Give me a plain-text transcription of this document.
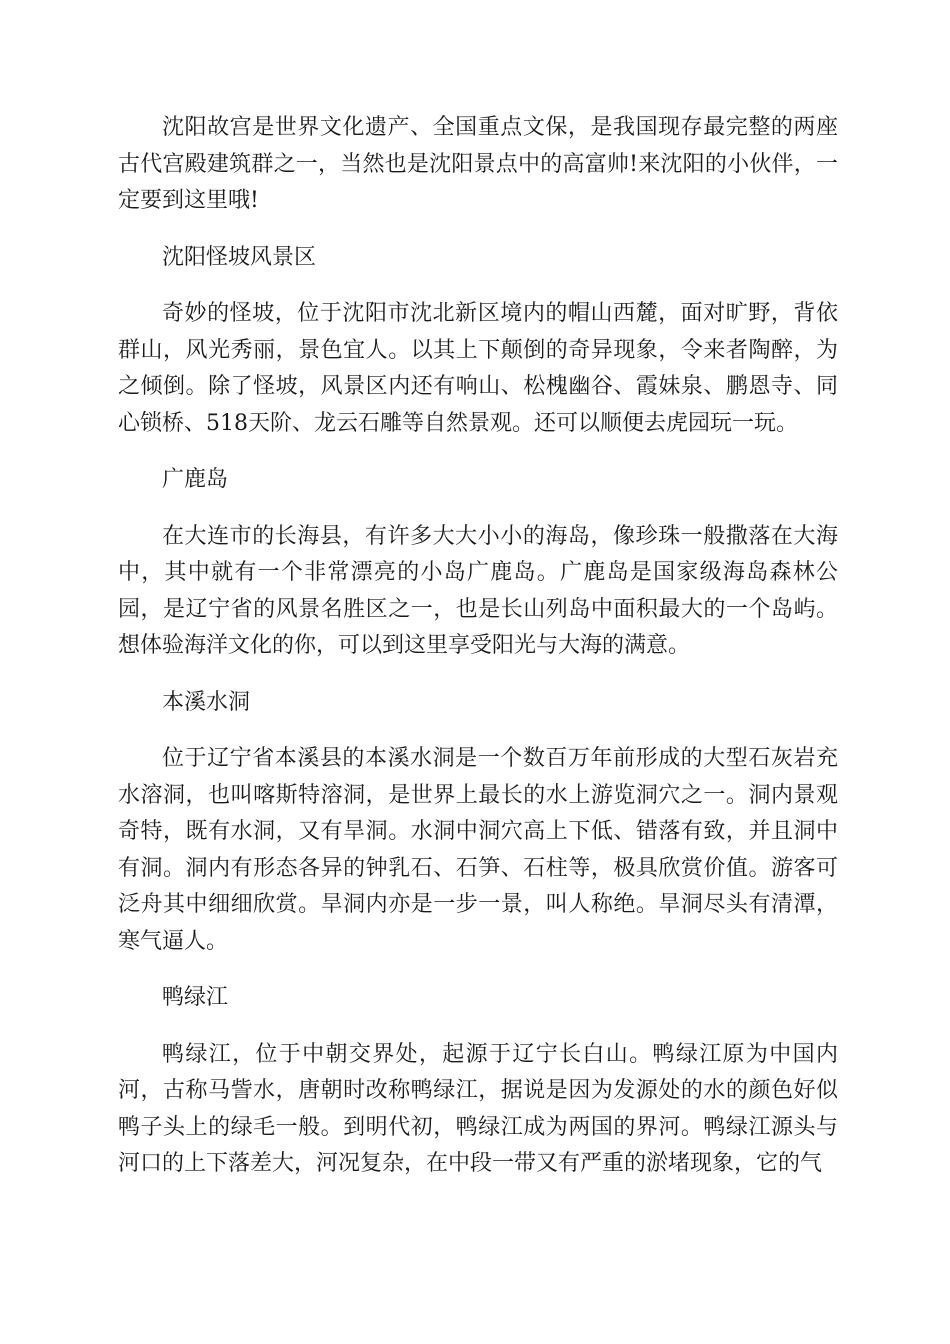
沈阳故宫是世界文化遗产、全国重点文保，是我国现存最完整的两座古代宫殿建筑群之一，当然也是沈阳景点中的高富帅!来沈阳的小伙伴，一定要到这里哦!

沈阳怪坡风景区

奇妙的怪坡，位于沈阳市沈北新区境内的帽山西麓，面对旷野，背依群山，风光秀丽，景色宜人。以其上下颠倒的奇异现象，令来者陶醉，为之倾倒。除了怪坡，风景区内还有响山、松槐幽谷、霞妹泉、鹏恩寺、同心锁桥、518天阶、龙云石雕等自然景观。还可以顺便去虎园玩一玩。

广鹿岛

在大连市的长海县，有许多大大小小的海岛，像珍珠一般撒落在大海中，其中就有一个非常漂亮的小岛广鹿岛。广鹿岛是国家级海岛森林公园，是辽宁省的风景名胜区之一，也是长山列岛中面积最大的一个岛屿。想体验海洋文化的你，可以到这里享受阳光与大海的满意。

本溪水洞

位于辽宁省本溪县的本溪水洞是一个数百万年前形成的大型石灰岩充水溶洞，也叫喀斯特溶洞，是世界上最长的水上游览洞穴之一。洞内景观奇特，既有水洞，又有旱洞。水洞中洞穴高上下低、错落有致，并且洞中有洞。洞内有形态各异的钟乳石、石笋、石柱等，极具欣赏价值。游客可泛舟其中细细欣赏。旱洞内亦是一步一景，叫人称绝。旱洞尽头有清潭，寒气逼人。

鸭绿江

鸭绿江，位于中朝交界处，起源于辽宁长白山。鸭绿江原为中国内河，古称马訾水，唐朝时改称鸭绿江，据说是因为发源处的水的颜色好似鸭子头上的绿毛一般。到明代初，鸭绿江成为两国的界河。鸭绿江源头与河口的上下落差大，河况复杂，在中段一带又有严重的淤堵现象，它的气
